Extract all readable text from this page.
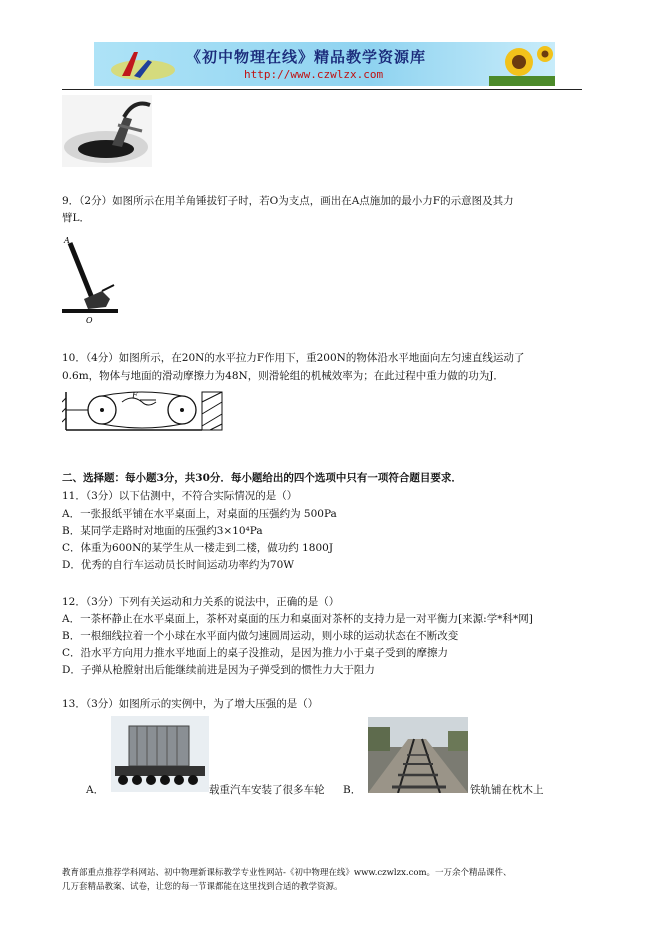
《初中物理在线》精品教学资源库
http://www.czwlzx.com
9．（2分）如图所示在用羊角锤拔钉子时，若O为支点，画出在A点施加的最小力F的示意图及其力
臂L．
A
O
10．（4分）如图所示，在20N的水平拉力F作用下，重200N的物体沿水平地面向左匀速直线运动了
0.6m，物体与地面的滑动摩擦力为48N，则滑轮组的机械效率为；在此过程中重力做的功为J．
F
二、选择题：每小题3分，共30分．每小题给出的四个选项中只有一项符合题目要求．
11．（3分）以下估测中，不符合实际情况的是（）
A．一张报纸平铺在水平桌面上，对桌面的压强约为 500Pa
B．某同学走路时对地面的压强约3×10⁴Pa
C．体重为600N的某学生从一楼走到二楼，做功约 1800J
D．优秀的自行车运动员长时间运动功率约为70W
12．（3分）下列有关运动和力关系的说法中，正确的是（）
A．一茶杯静止在水平桌面上，茶杯对桌面的压力和桌面对茶杯的支持力是一对平衡力[来源:学*科*网]
B．一根细线拉着一个小球在水平面内做匀速圆周运动，则小球的运动状态在不断改变
C．沿水平方向用力推水平地面上的桌子没推动，是因为推力小于桌子受到的摩擦力
D．子弹从枪膛射出后能继续前进是因为子弹受到的惯性力大于阻力
13．（3分）如图所示的实例中，为了增大压强的是（）
A．	载重汽车安装了很多车轮 B．	铁轨铺在枕木上
教育部重点推荐学科网站、初中物理新课标教学专业性网站-《初中物理在线》www.czwlzx.com。一万余个精品课件、
几万套精品教案、试卷，让您的每一节课都能在这里找到合适的教学资源。
